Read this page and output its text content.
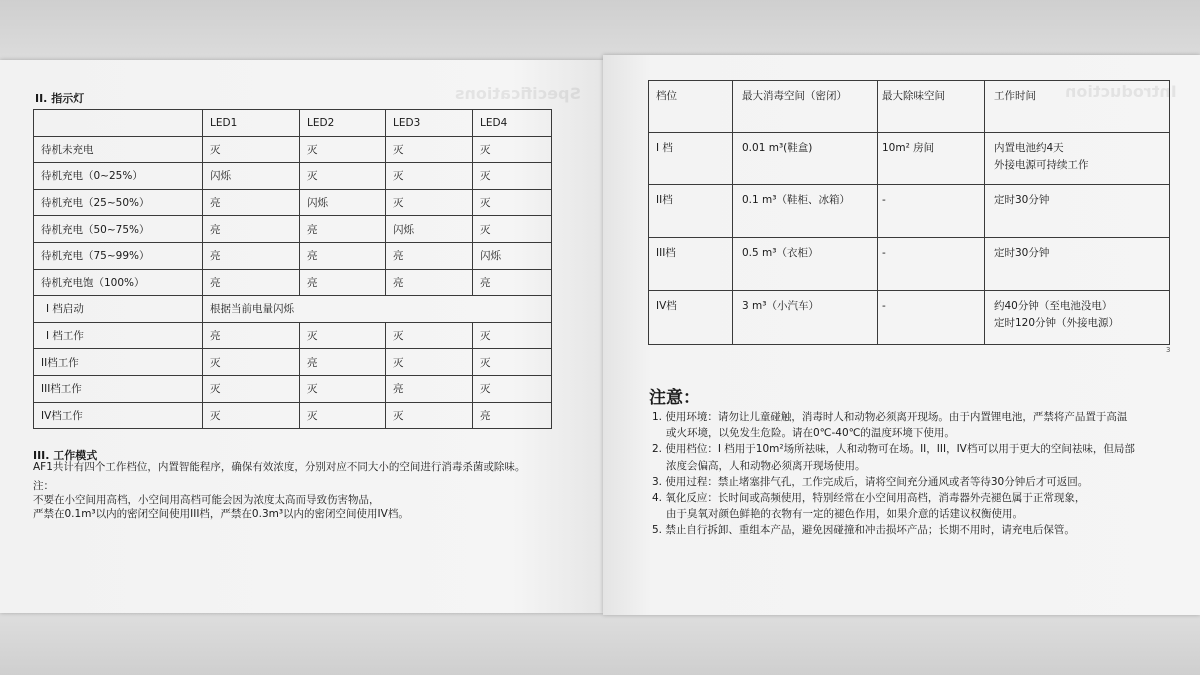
Specifications
II. 指示灯
	LED1	LED2	LED3	LED4
待机未充电	灭	灭	灭	灭
待机充电（0~25%）	闪烁	灭	灭	灭
待机充电（25~50%）	亮	闪烁	灭	灭
待机充电（50~75%）	亮	亮	闪烁	灭
待机充电（75~99%）	亮	亮	亮	闪烁
待机充电饱（100%）	亮	亮	亮	亮
Ⅰ 档启动	根据当前电量闪烁			
Ⅰ 档工作	亮	灭	灭	灭
II档工作	灭	亮	灭	灭
III档工作	灭	灭	亮	灭
IV档工作	灭	灭	灭	亮
III. 工作模式
AF1共计有四个工作档位，内置智能程序，确保有效浓度，分别对应不同大小的空间进行消毒杀菌或除味。
注：
不要在小空间用高档，小空间用高档可能会因为浓度太高而导致伤害物品，
严禁在0.1m³以内的密闭空间使用III档，严禁在0.3m³以内的密闭空间使用IV档。
Introduction
档位	最大消毒空间（密闭）	最大除味空间	工作时间
Ⅰ 档	0.01 m³(鞋盒)	10m² 房间	内置电池约4天
外接电源可持续工作

II档	0.1 m³（鞋柜、冰箱）	-	定时30分钟
III档	0.5 m³（衣柜）	-	定时30分钟
IV档	3 m³（小汽车）	-	约40分钟（至电池没电）
定时120分钟（外接电源）
3
注意：
1. 使用环境：请勿让儿童碰触，消毒时人和动物必须离开现场。由于内置锂电池，严禁将产品置于高温
或火环境，以免发生危险。请在0℃-40℃的温度环境下使用。
2. 使用档位：Ⅰ 档用于10m²场所祛味，人和动物可在场。II，III，IV档可以用于更大的空间祛味，但局部
浓度会偏高，人和动物必须离开现场使用。
3. 使用过程：禁止堵塞排气孔，工作完成后，请将空间充分通风或者等待30分钟后才可返回。
4. 氧化反应：长时间或高频使用，特别经常在小空间用高档，消毒器外壳褪色属于正常现象，
由于臭氧对颜色鲜艳的衣物有一定的褪色作用，如果介意的话建议权衡使用。
5. 禁止自行拆卸、重组本产品，避免因碰撞和冲击损坏产品；长期不用时，请充电后保管。
